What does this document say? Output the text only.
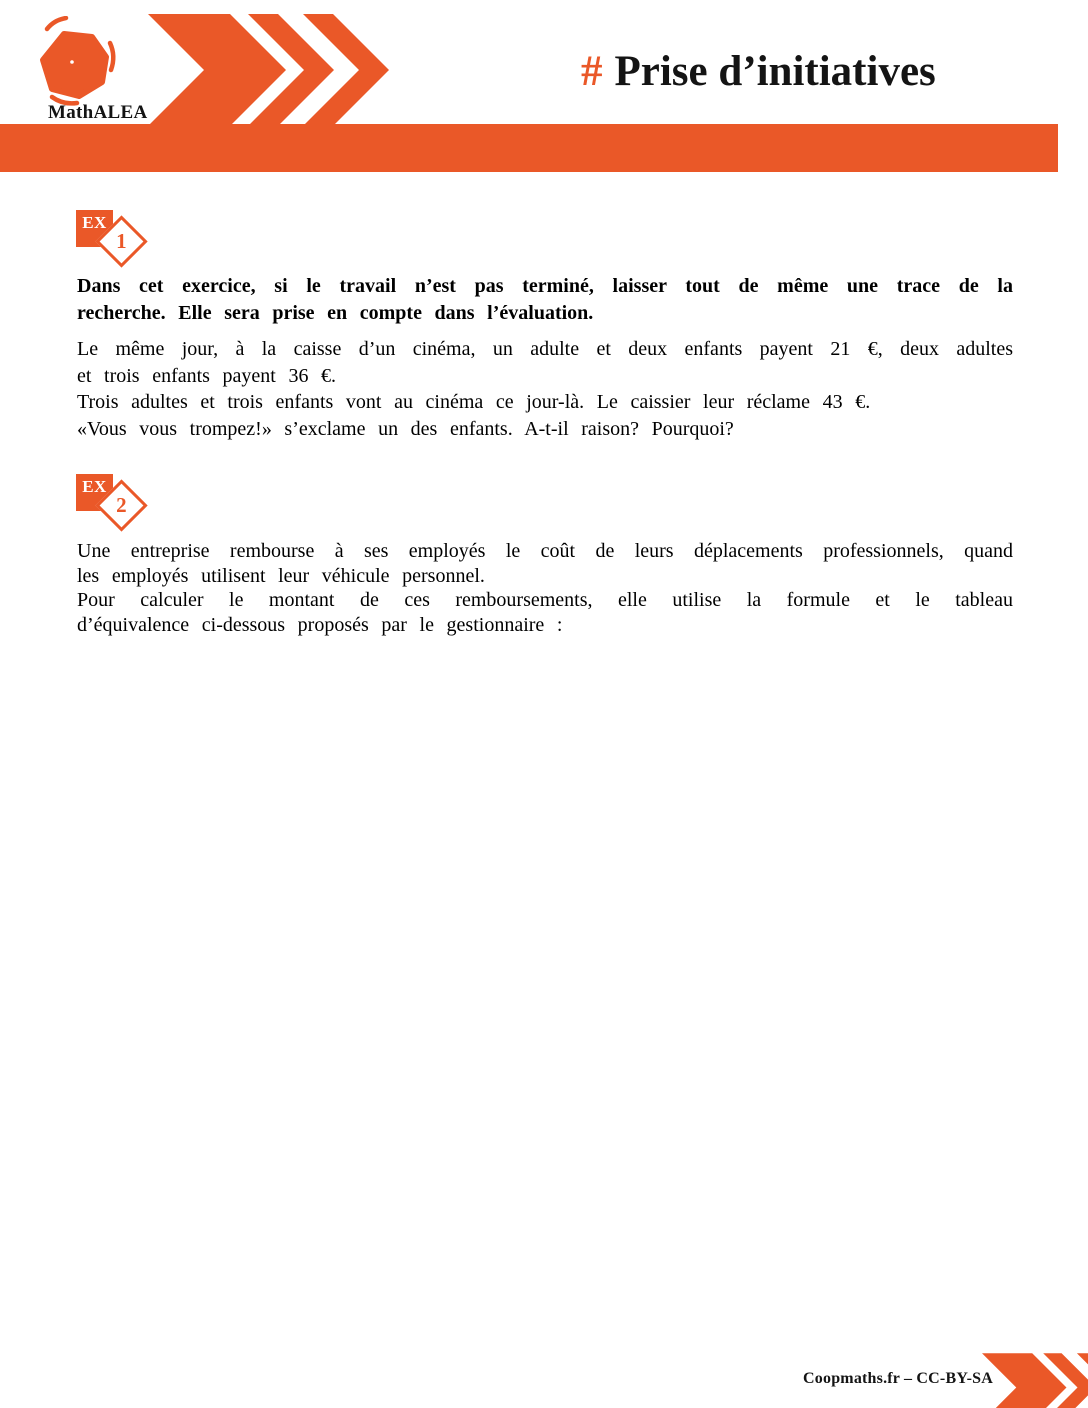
MathALEA
# Prise d’initiatives
EX
1
Dans cet exercice, si le travail n’est pas terminé, laisser tout de même une trace de la
recherche. Elle sera prise en compte dans l’évaluation.
Le même jour, à la caisse d’un cinéma, un adulte et deux enfants payent 21 €, deux adultes
et trois enfants payent 36 €.
Trois adultes et trois enfants vont au cinéma ce jour-là. Le caissier leur réclame 43 €.
«Vous vous trompez!» s’exclame un des enfants. A-t-il raison? Pourquoi?
EX
2
Une entreprise rembourse à ses employés le coût de leurs déplacements professionnels, quand
les employés utilisent leur véhicule personnel.
Pour calculer le montant de ces remboursements, elle utilise la formule et le tableau
d’équivalence ci-dessous proposés par le gestionnaire :
Coopmaths.fr – CC-BY-SA
